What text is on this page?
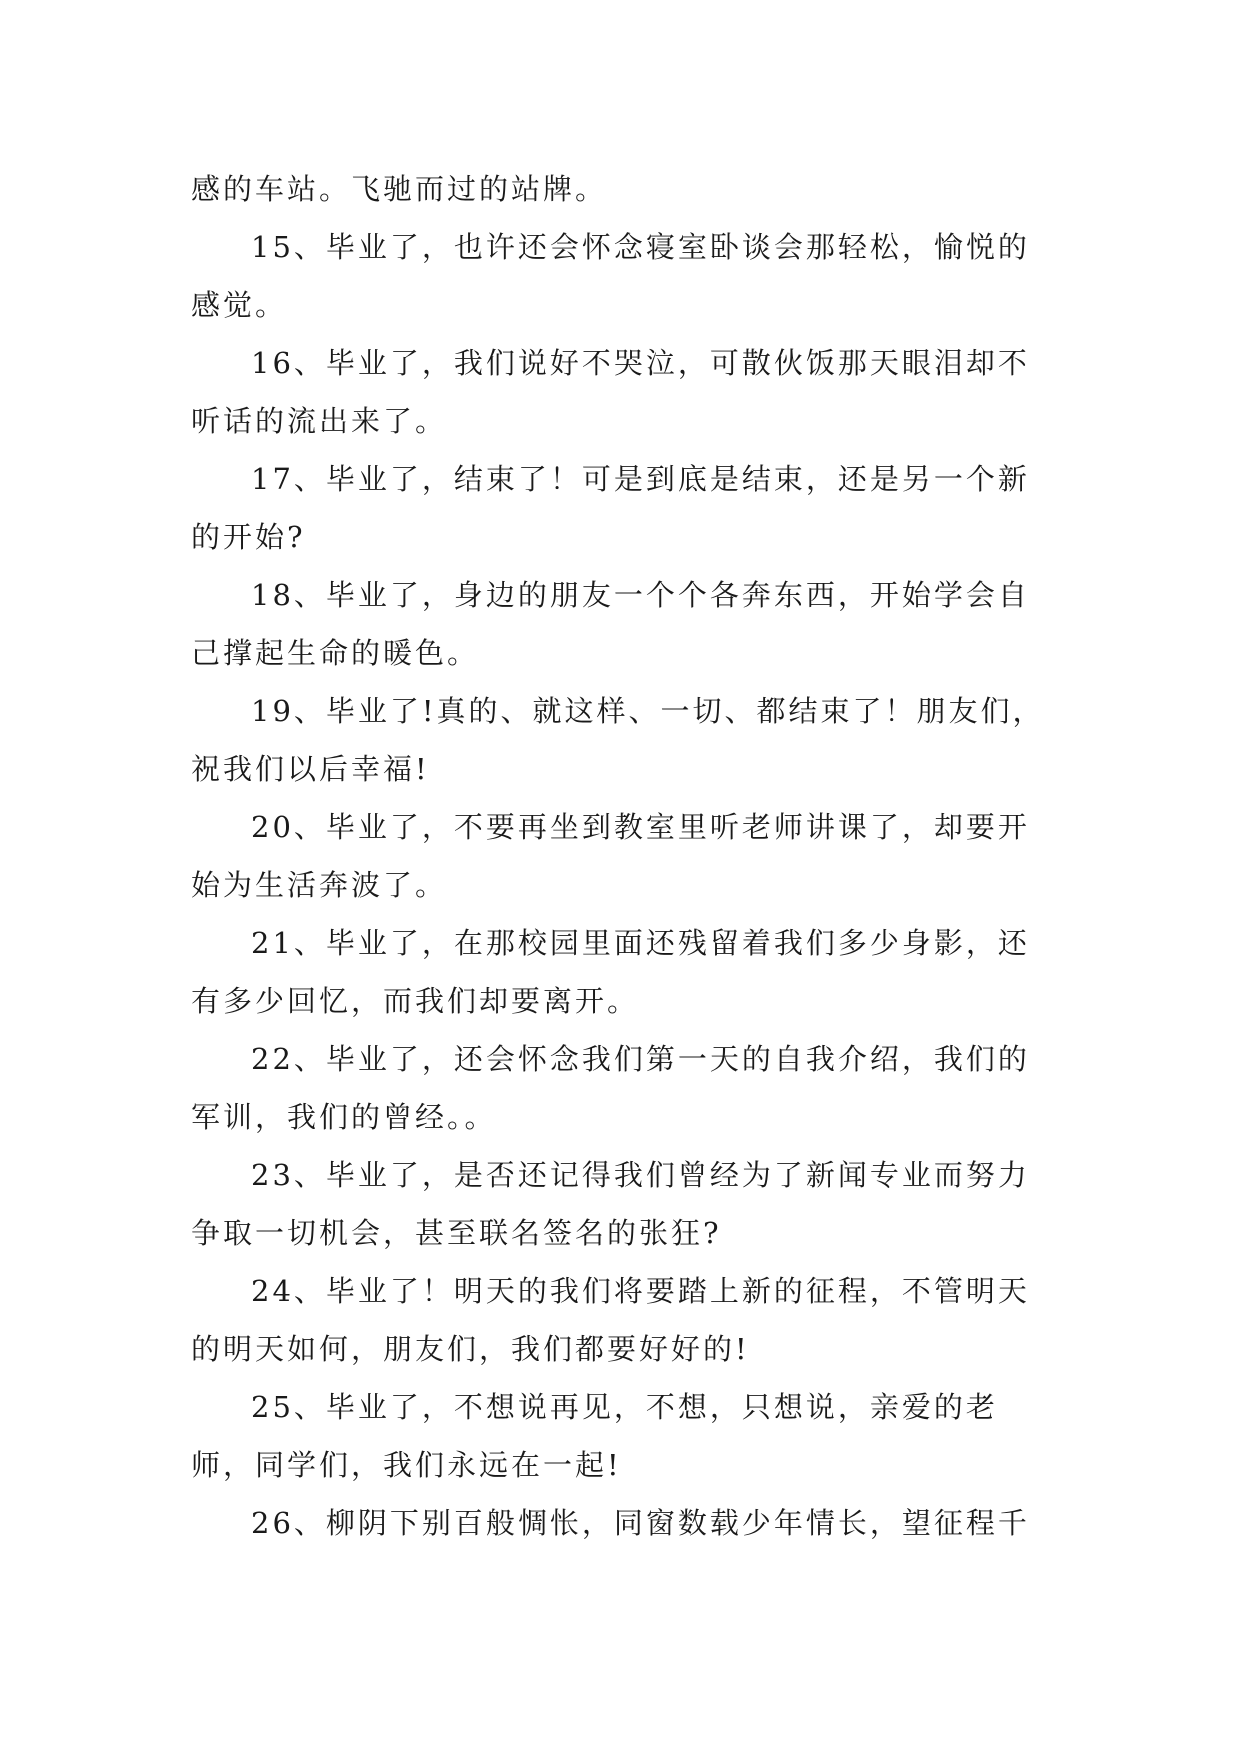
感的车站。飞驰而过的站牌。

15、毕业了，也许还会怀念寝室卧谈会那轻松，愉悦的感觉。

16、毕业了，我们说好不哭泣，可散伙饭那天眼泪却不听话的流出来了。

17、毕业了，结束了！可是到底是结束，还是另一个新的开始?

18、毕业了，身边的朋友一个个各奔东西，开始学会自己撑起生命的暖色。

19、毕业了!真的、就这样、一切、都结束了！朋友们，祝我们以后幸福!

20、毕业了，不要再坐到教室里听老师讲课了，却要开始为生活奔波了。

21、毕业了，在那校园里面还残留着我们多少身影，还有多少回忆，而我们却要离开。

22、毕业了，还会怀念我们第一天的自我介绍，我们的军训，我们的曾经。。

23、毕业了，是否还记得我们曾经为了新闻专业而努力争取一切机会，甚至联名签名的张狂?

24、毕业了！明天的我们将要踏上新的征程，不管明天的明天如何，朋友们，我们都要好好的!

25、毕业了，不想说再见，不想，只想说，亲爱的老师，同学们，我们永远在一起!

26、柳阴下别百般惆怅，同窗数载少年情长，望征程千
